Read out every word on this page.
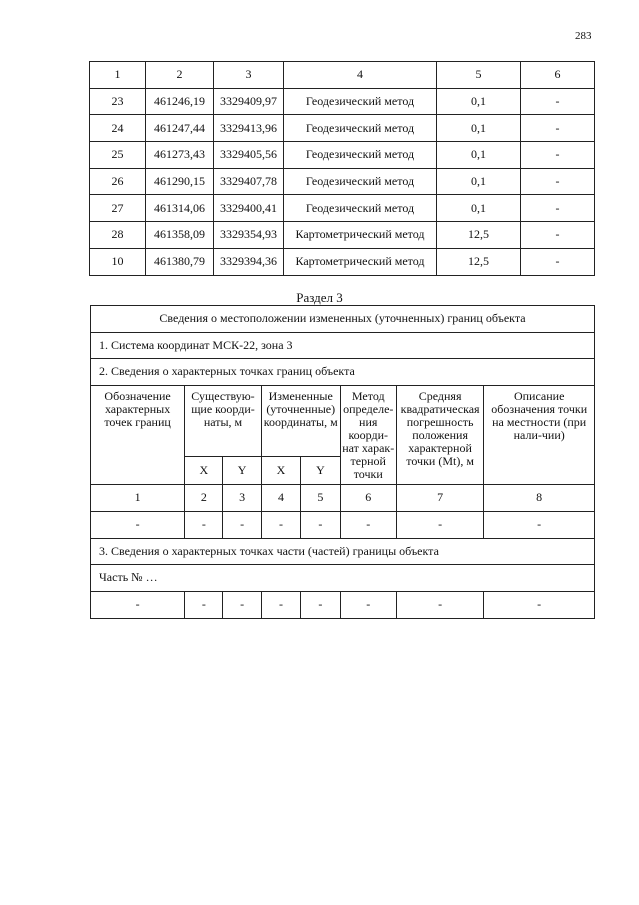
283
1	2	3	4	5	6
23	461246,19	3329409,97	Геодезический метод	0,1	-
24	461247,44	3329413,96	Геодезический метод	0,1	-
25	461273,43	3329405,56	Геодезический метод	0,1	-
26	461290,15	3329407,78	Геодезический метод	0,1	-
27	461314,06	3329400,41	Геодезический метод	0,1	-
28	461358,09	3329354,93	Картометрический метод	12,5	-
10	461380,79	3329394,36	Картометрический метод	12,5	-
Раздел 3
Сведения о местоположении измененных (уточненных) границ объекта							
1. Система координат МСК-22, зона 3							
2. Сведения о характерных точках границ объекта							
Обозначение характерных точек границ	Существую-щие коорди-наты, м		Измененные (уточненные) координаты, м		Метод определе-ния коорди-нат харак-терной точки	Средняя квадратическая погрешность положения характерной точки (Mt), м	Описание обозначения точки на местности (при нали-чии)
	X	Y	X	Y			
1	2	3	4	5	6	7	8
-	-	-	-	-	-	-	-
3. Сведения о характерных точках части (частей) границы объекта							
Часть № …							
-	-	-	-	-	-	-	-
